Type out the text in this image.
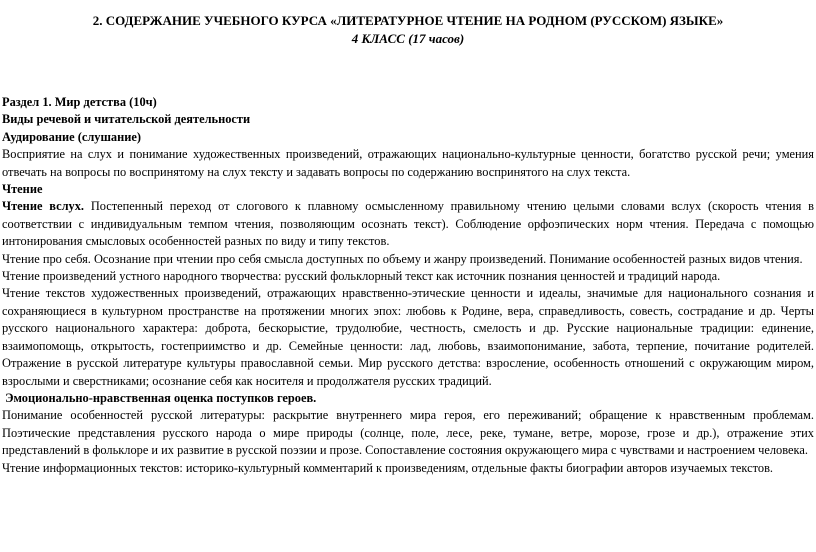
2. СОДЕРЖАНИЕ УЧЕБНОГО КУРСА «ЛИТЕРАТУРНОЕ ЧТЕНИЕ НА РОДНОМ (РУССКОМ) ЯЗЫКЕ»
4 КЛАСС (17 часов)

Раздел 1. Мир детства (10ч)

Виды речевой и читательской деятельности

Аудирование (слушание)

Восприятие на слух и понимание художественных произведений, отражающих национально-культурные ценности, богатство русской речи; умения отвечать на вопросы по воспринятому на слух тексту и задавать вопросы по содержанию воспринятого на слух текста.

Чтение

Чтение вслух. Постепенный переход от слогового к плавному осмысленному правильному чтению целыми словами вслух (скорость чтения в соответствии с индивидуальным темпом чтения, позволяющим осознать текст). Соблюдение орфоэпических норм чтения. Передача с помощью интонирования смысловых особенностей разных по виду и типу текстов.

Чтение про себя. Осознание при чтении про себя смысла доступных по объему и жанру произведений. Понимание особенностей разных видов чтения.

Чтение произведений устного народного творчества: русский фольклорный текст как источник познания ценностей и традиций народа.

Чтение текстов художественных произведений, отражающих нравственно-этические ценности и идеалы, значимые для национального сознания и сохраняющиеся в культурном пространстве на протяжении многих эпох: любовь к Родине, вера, справедливость, совесть, сострадание и др. Черты русского национального характера: доброта, бескорыстие, трудолюбие, честность, смелость и др. Русские национальные традиции: единение, взаимопомощь, открытость, гостеприимство и др. Семейные ценности: лад, любовь, взаимопонимание, забота, терпение, почитание родителей. Отражение в русской литературе культуры православной семьи. Мир русского детства: взросление, особенность отношений с окружающим миром, взрослыми и сверстниками; осознание себя как носителя и продолжателя русских традиций.

Эмоционально-нравственная оценка поступков героев.

Понимание особенностей русской литературы: раскрытие внутреннего мира героя, его переживаний; обращение к нравственным проблемам. Поэтические представления русского народа о мире природы (солнце, поле, лесе, реке, тумане, ветре, морозе, грозе и др.), отражение этих представлений в фольклоре и их развитие в русской поэзии и прозе. Сопоставление состояния окружающего мира с чувствами и настроением человека.

Чтение информационных текстов: историко-культурный комментарий к произведениям, отдельные факты биографии авторов изучаемых текстов.
